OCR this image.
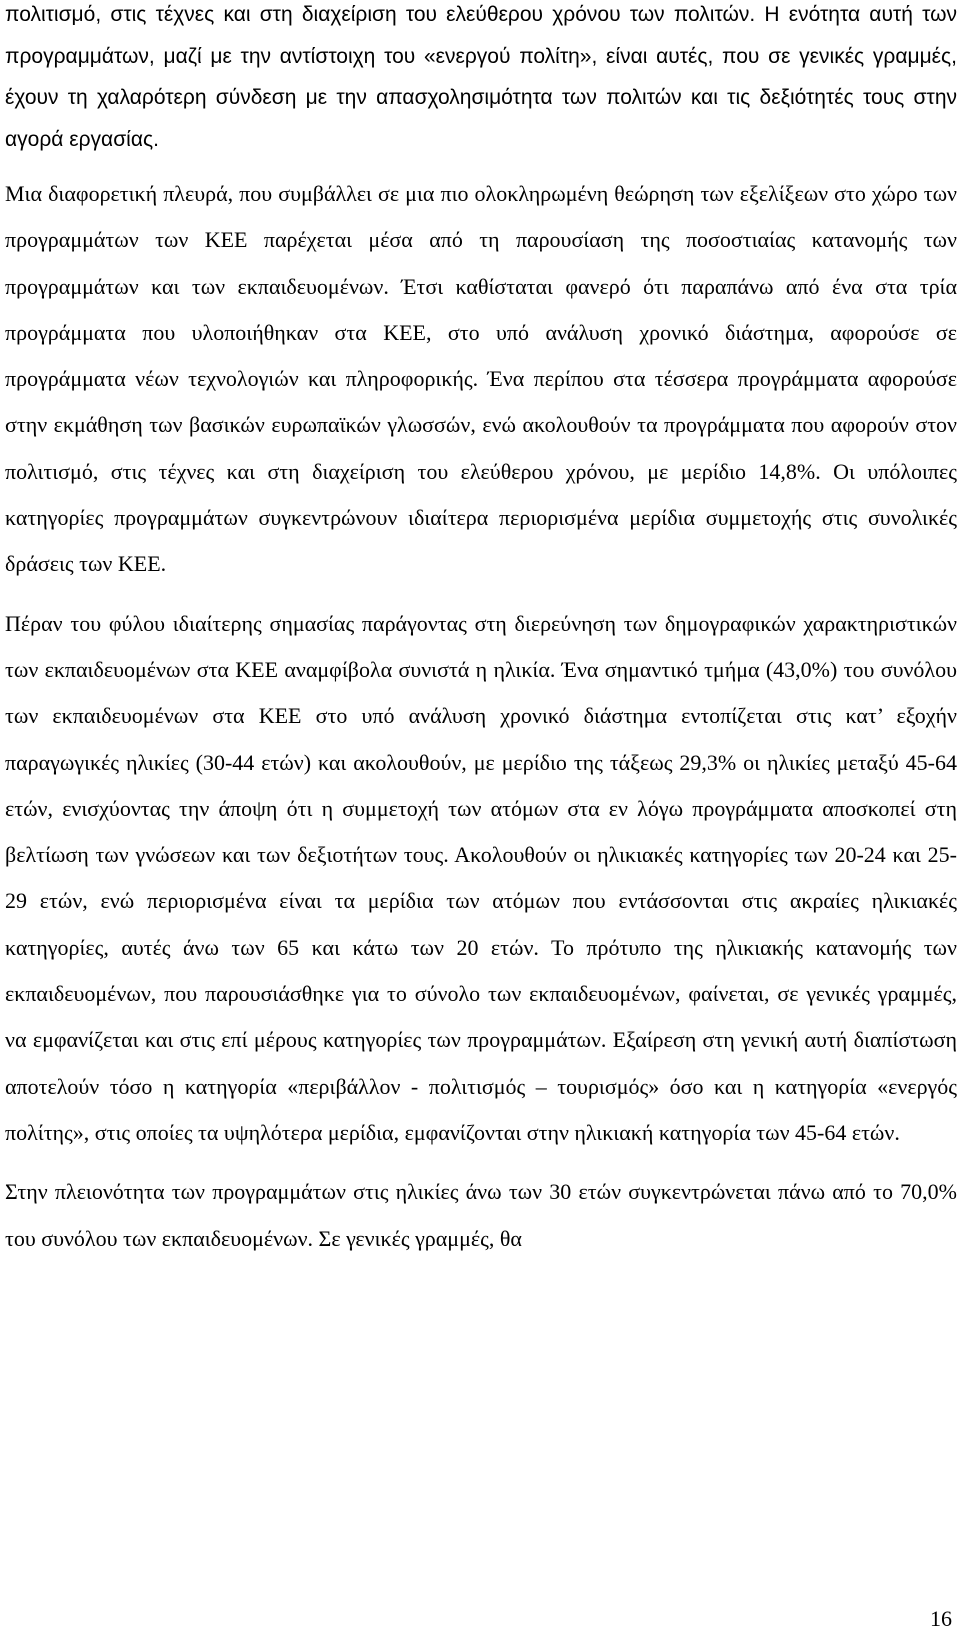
πολιτισμό, στις τέχνες και στη διαχείριση του ελεύθερου χρόνου των πολιτών. Η ενότητα αυτή των προγραμμάτων, μαζί με την αντίστοιχη του «ενεργού πολίτη», είναι αυτές, που σε γενικές γραμμές, έχουν τη χαλαρότερη σύνδεση με την απασχολησιμότητα των πολιτών και τις δεξιότητές τους στην αγορά εργασίας.

Μια διαφορετική πλευρά, που συμβάλλει σε μια πιο ολοκληρωμένη θεώρηση των εξελίξεων στο χώρο των προγραμμάτων των ΚΕΕ παρέχεται μέσα από τη παρουσίαση της ποσοστιαίας κατανομής των προγραμμάτων και των εκπαιδευομένων. Έτσι καθίσταται φανερό ότι παραπάνω από ένα στα τρία προγράμματα που υλοποιήθηκαν στα ΚΕΕ, στο υπό ανάλυση χρονικό διάστημα, αφορούσε σε προγράμματα νέων τεχνολογιών και πληροφορικής. Ένα περίπου στα τέσσερα προγράμματα αφορούσε στην εκμάθηση των βασικών ευρωπαϊκών γλωσσών, ενώ ακολουθούν τα προγράμματα που αφορούν στον πολιτισμό, στις τέχνες και στη διαχείριση του ελεύθερου χρόνου, με μερίδιο 14,8%. Οι υπόλοιπες κατηγορίες προγραμμάτων συγκεντρώνουν ιδιαίτερα περιορισμένα μερίδια συμμετοχής στις συνολικές δράσεις των ΚΕΕ.

Πέραν του φύλου ιδιαίτερης σημασίας παράγοντας στη διερεύνηση των δημογραφικών χαρακτηριστικών των εκπαιδευομένων στα ΚΕΕ αναμφίβολα συνιστά η ηλικία. Ένα σημαντικό τμήμα (43,0%) του συνόλου των εκπαιδευομένων στα ΚΕΕ στο υπό ανάλυση χρονικό διάστημα εντοπίζεται στις κατ’ εξοχήν παραγωγικές ηλικίες (30-44 ετών) και ακολουθούν, με μερίδιο της τάξεως 29,3% οι ηλικίες μεταξύ 45-64 ετών, ενισχύοντας την άποψη ότι η συμμετοχή των ατόμων στα εν λόγω προγράμματα αποσκοπεί στη βελτίωση των γνώσεων και των δεξιοτήτων τους. Ακολουθούν οι ηλικιακές κατηγορίες των 20-24 και 25-29 ετών, ενώ περιορισμένα είναι τα μερίδια των ατόμων που εντάσσονται στις ακραίες ηλικιακές κατηγορίες, αυτές άνω των 65 και κάτω των 20 ετών. Το πρότυπο της ηλικιακής κατανομής των εκπαιδευομένων, που παρουσιάσθηκε για το σύνολο των εκπαιδευομένων, φαίνεται, σε γενικές γραμμές, να εμφανίζεται και στις επί μέρους κατηγορίες των προγραμμάτων. Εξαίρεση στη γενική αυτή διαπίστωση αποτελούν τόσο η κατηγορία «περιβάλλον - πολιτισμός – τουρισμός» όσο και η κατηγορία «ενεργός πολίτης», στις οποίες τα υψηλότερα μερίδια, εμφανίζονται στην ηλικιακή κατηγορία των 45-64 ετών.

Στην πλειονότητα των προγραμμάτων στις ηλικίες άνω των 30 ετών συγκεντρώνεται πάνω από το 70,0% του συνόλου των εκπαιδευομένων. Σε γενικές γραμμές, θα

16
